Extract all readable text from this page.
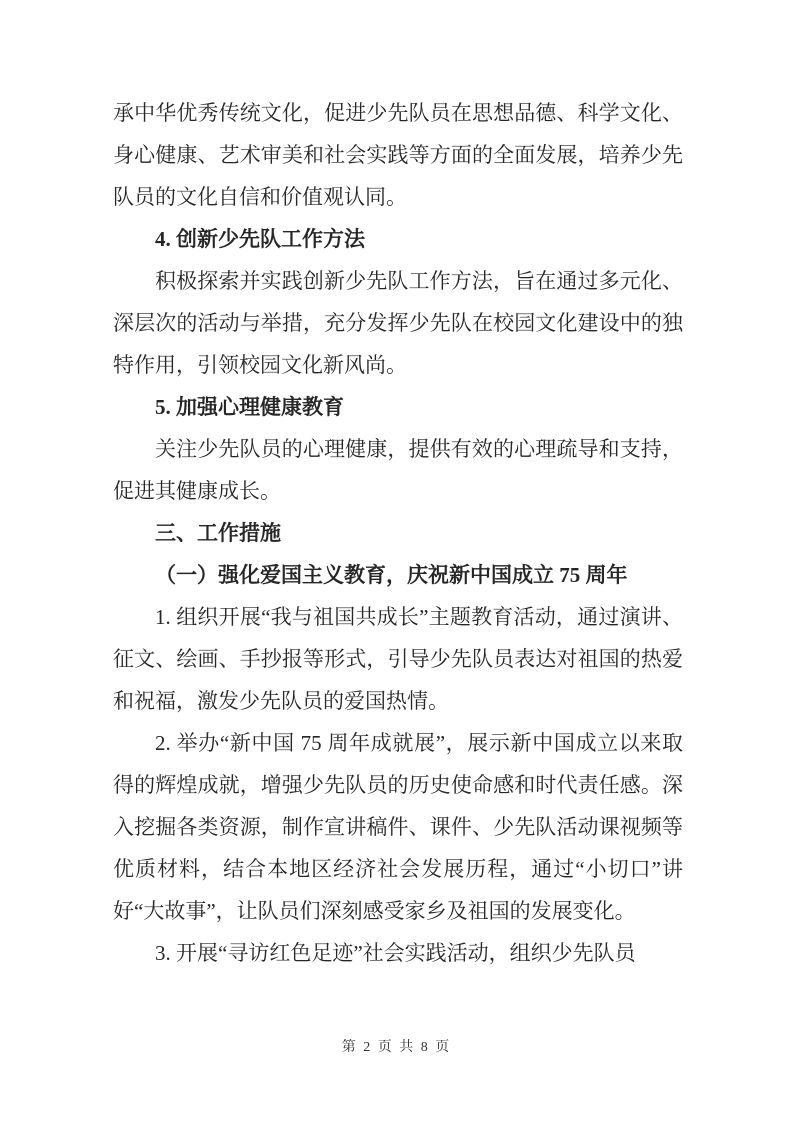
承中华优秀传统文化，促进少先队员在思想品德、科学文化、身心健康、艺术审美和社会实践等方面的全面发展，培养少先队员的文化自信和价值观认同。

4. 创新少先队工作方法

积极探索并实践创新少先队工作方法，旨在通过多元化、深层次的活动与举措，充分发挥少先队在校园文化建设中的独特作用，引领校园文化新风尚。

5. 加强心理健康教育

关注少先队员的心理健康，提供有效的心理疏导和支持，促进其健康成长。

三、工作措施

（一）强化爱国主义教育，庆祝新中国成立 75 周年

1. 组织开展“我与祖国共成长”主题教育活动，通过演讲、征文、绘画、手抄报等形式，引导少先队员表达对祖国的热爱和祝福，激发少先队员的爱国热情。

2. 举办“新中国 75 周年成就展”，展示新中国成立以来取得的辉煌成就，增强少先队员的历史使命感和时代责任感。深入挖掘各类资源，制作宣讲稿件、课件、少先队活动课视频等优质材料，结合本地区经济社会发展历程，通过“小切口”讲好“大故事”，让队员们深刻感受家乡及祖国的发展变化。

3. 开展“寻访红色足迹”社会实践活动，组织少先队员

第 2 页 共 8 页
